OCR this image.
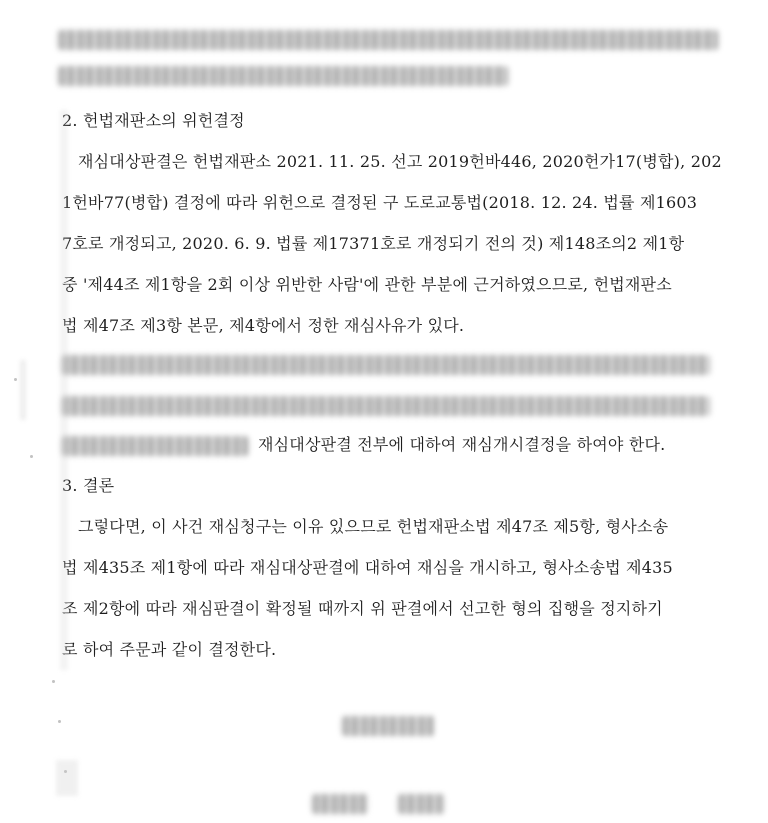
2. 헌법재판소의 위헌결정
재심대상판결은 헌법재판소 2021. 11. 25. 선고 2019헌바446, 2020헌가17(병합), 202
1헌바77(병합) 결정에 따라 위헌으로 결정된 구 도로교통법(2018. 12. 24. 법률 제1603
7호로 개정되고, 2020. 6. 9. 법률 제17371호로 개정되기 전의 것) 제148조의2 제1항
중 '제44조 제1항을 2회 이상 위반한 사람'에 관한 부분에 근거하였으므로, 헌법재판소
법 제47조 제3항 본문, 제4항에서 정한 재심사유가 있다.
재심대상판결 전부에 대하여 재심개시결정을 하여야 한다.
3. 결론
그렇다면, 이 사건 재심청구는 이유 있으므로 헌법재판소법 제47조 제5항, 형사소송
법 제435조 제1항에 따라 재심대상판결에 대하여 재심을 개시하고, 형사소송법 제435
조 제2항에 따라 재심판결이 확정될 때까지 위 판결에서 선고한 형의 집행을 정지하기
로 하여 주문과 같이 결정한다.
